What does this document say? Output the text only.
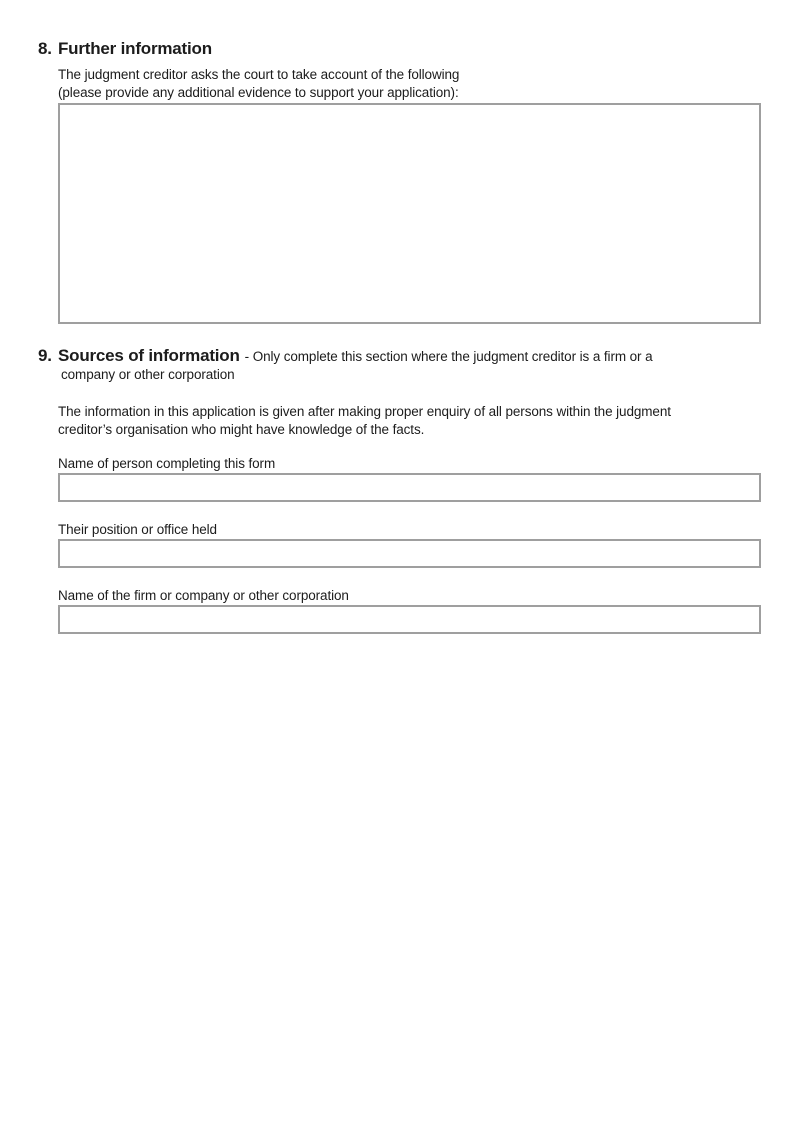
8. Further information

The judgment creditor asks the court to take account of the following
(please provide any additional evidence to support your application):

9. Sources of information - Only complete this section where the judgment creditor is a firm or a
company or other corporation

The information in this application is given after making proper enquiry of all persons within the judgment
creditor’s organisation who might have knowledge of the facts.

Name of person completing this form
Their position or office held
Name of the firm or company or other corporation
